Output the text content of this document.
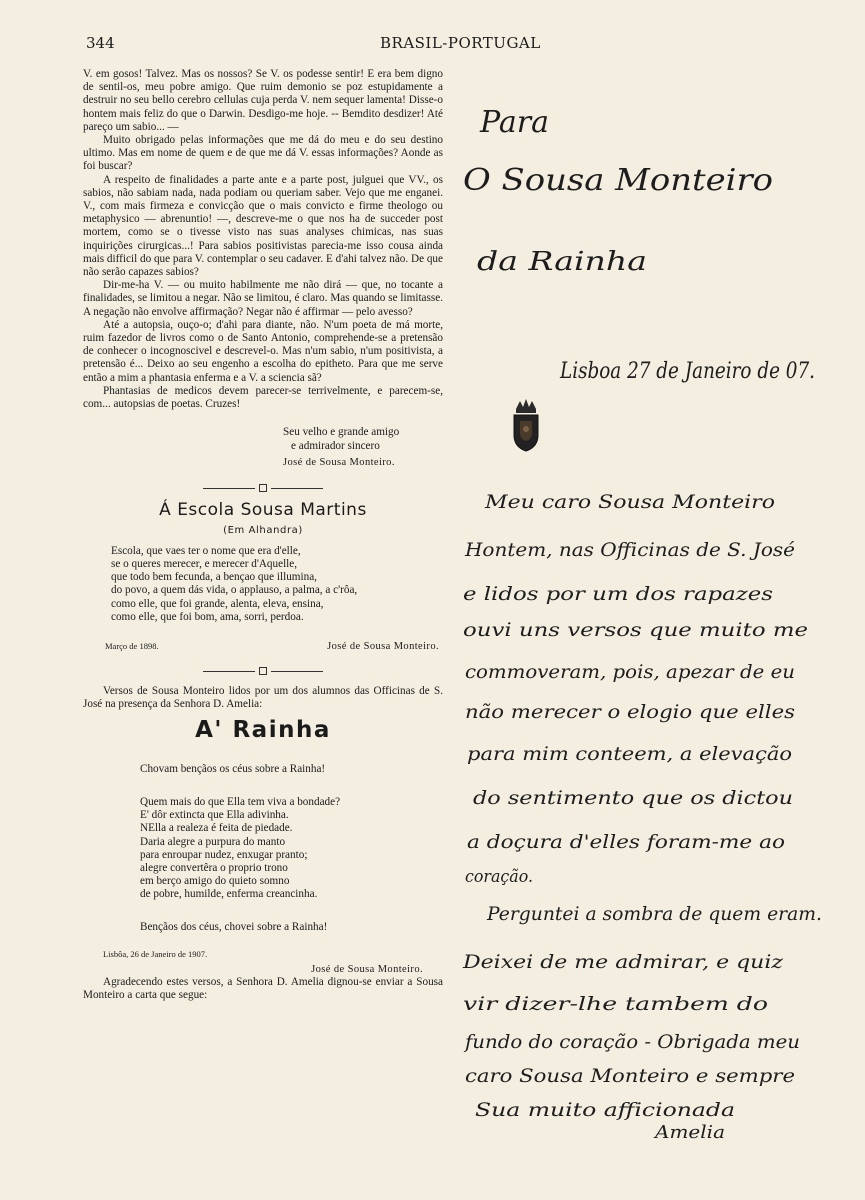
344	BRASIL-PORTUGAL

V. em gosos! Talvez. Mas os nossos? Se V. os podesse sentir! E era bem digno de sentil-os, meu pobre amigo. Que ruim demonio se poz estupidamente a destruir no seu bello cerebro cellulas cuja perda V. nem sequer lamenta! Disse-o hontem mais feliz do que o Darwin. Desdigo-me hoje. -- Bemdito desdizer! Até pareço um sabio... —

Muito obrigado pelas informações que me dá do meu e do seu destino ultimo. Mas em nome de quem e de que me dá V. essas informações? Aonde as foi buscar?

A respeito de finalidades a parte ante e a parte post, julguei que VV., os sabios, não sabiam nada, nada podiam ou queriam saber. Vejo que me enganei. V., com mais firmeza e convicção que o mais convicto e firme theologo ou metaphysico — abrenuntio! —, descreve-me o que nos ha de succeder post mortem, como se o tivesse visto nas suas analyses chimicas, nas suas inquirições cirurgicas...! Para sabios positivistas parecia-me isso cousa ainda mais difficil do que para V. contemplar o seu cadaver. E d'ahi talvez não. De que não serão capazes sabios?

Dir-me-ha V. — ou muito habilmente me não dirá — que, no tocante a finalidades, se limitou a negar. Não se limitou, é claro. Mas quando se limitasse. A negação não envolve affirmação? Negar não é affirmar — pelo avesso?

Até a autopsia, ouço-o; d'ahi para diante, não. N'um poeta de má morte, ruim fazedor de livros como o de Santo Antonio, comprehende-se a pretensão de conhecer o incognoscivel e descrevel-o. Mas n'um sabio, n'um positivista, a pretensão é... Deixo ao seu engenho a escolha do epitheto. Para que me serve então a mim a phantasia enferma e a V. a sciencia sã?

Phantasias de medicos devem parecer-se terrivelmente, e parecem-se, com... autopsias de poetas. Cruzes!

Seu velho e grande amigo
e admirador sincero
José de Sousa Monteiro.
Á Escola Sousa Martins
(Em Alhandra)
Escola, que vaes ter o nome que era d'elle,
se o queres merecer, e merecer d'Aquelle,
que todo bem fecunda, a bençao que illumina,
do povo, a quem dás vida, o applauso, a palma, a c'rôa,
como elle, que foi grande, alenta, eleva, ensina,
como elle, que foi bom, ama, sorri, perdoa.
Março de 1898.	José de Sousa Monteiro.

Versos de Sousa Monteiro lidos por um dos alumnos das Officinas de S. José na presença da Senhora D. Amelia:

A' Rainha
Chovam bençãos os céus sobre a Rainha!
Quem mais do que Ella tem viva a bondade?
E' dôr extincta que Ella adivinha.
NElla a realeza é feita de piedade.
Daria alegre a purpura do manto
para enroupar nudez, enxugar pranto;
alegre convertêra o proprio trono
em berço amigo do quieto somno
de pobre, humilde, enferma creancinha.
Bençãos dos céus, chovei sobre a Rainha!
Lisbôa, 26 de Janeiro de 1907.
José de Sousa Monteiro.

Agradecendo estes versos, a Senhora D. Amelia dignou-se enviar a Sousa Monteiro a carta que segue:

Para
O Sousa Monteiro
da Rainha
Lisboa 27 de Janeiro de 07.
Meu caro Sousa Monteiro
Hontem, nas Officinas de S. José
e lidos por um dos rapazes
ouvi uns versos que muito me
commoveram, pois, apezar de eu
não merecer o elogio que elles
para mim conteem, a elevação
do sentimento que os dictou
a doçura d'elles foram-me ao
coração.
Perguntei a sombra de quem eram.
Deixei de me admirar, e quiz
vir dizer-lhe tambem do
fundo do coração - Obrigada meu
caro Sousa Monteiro e sempre
Sua muito afficionada
Amelia
